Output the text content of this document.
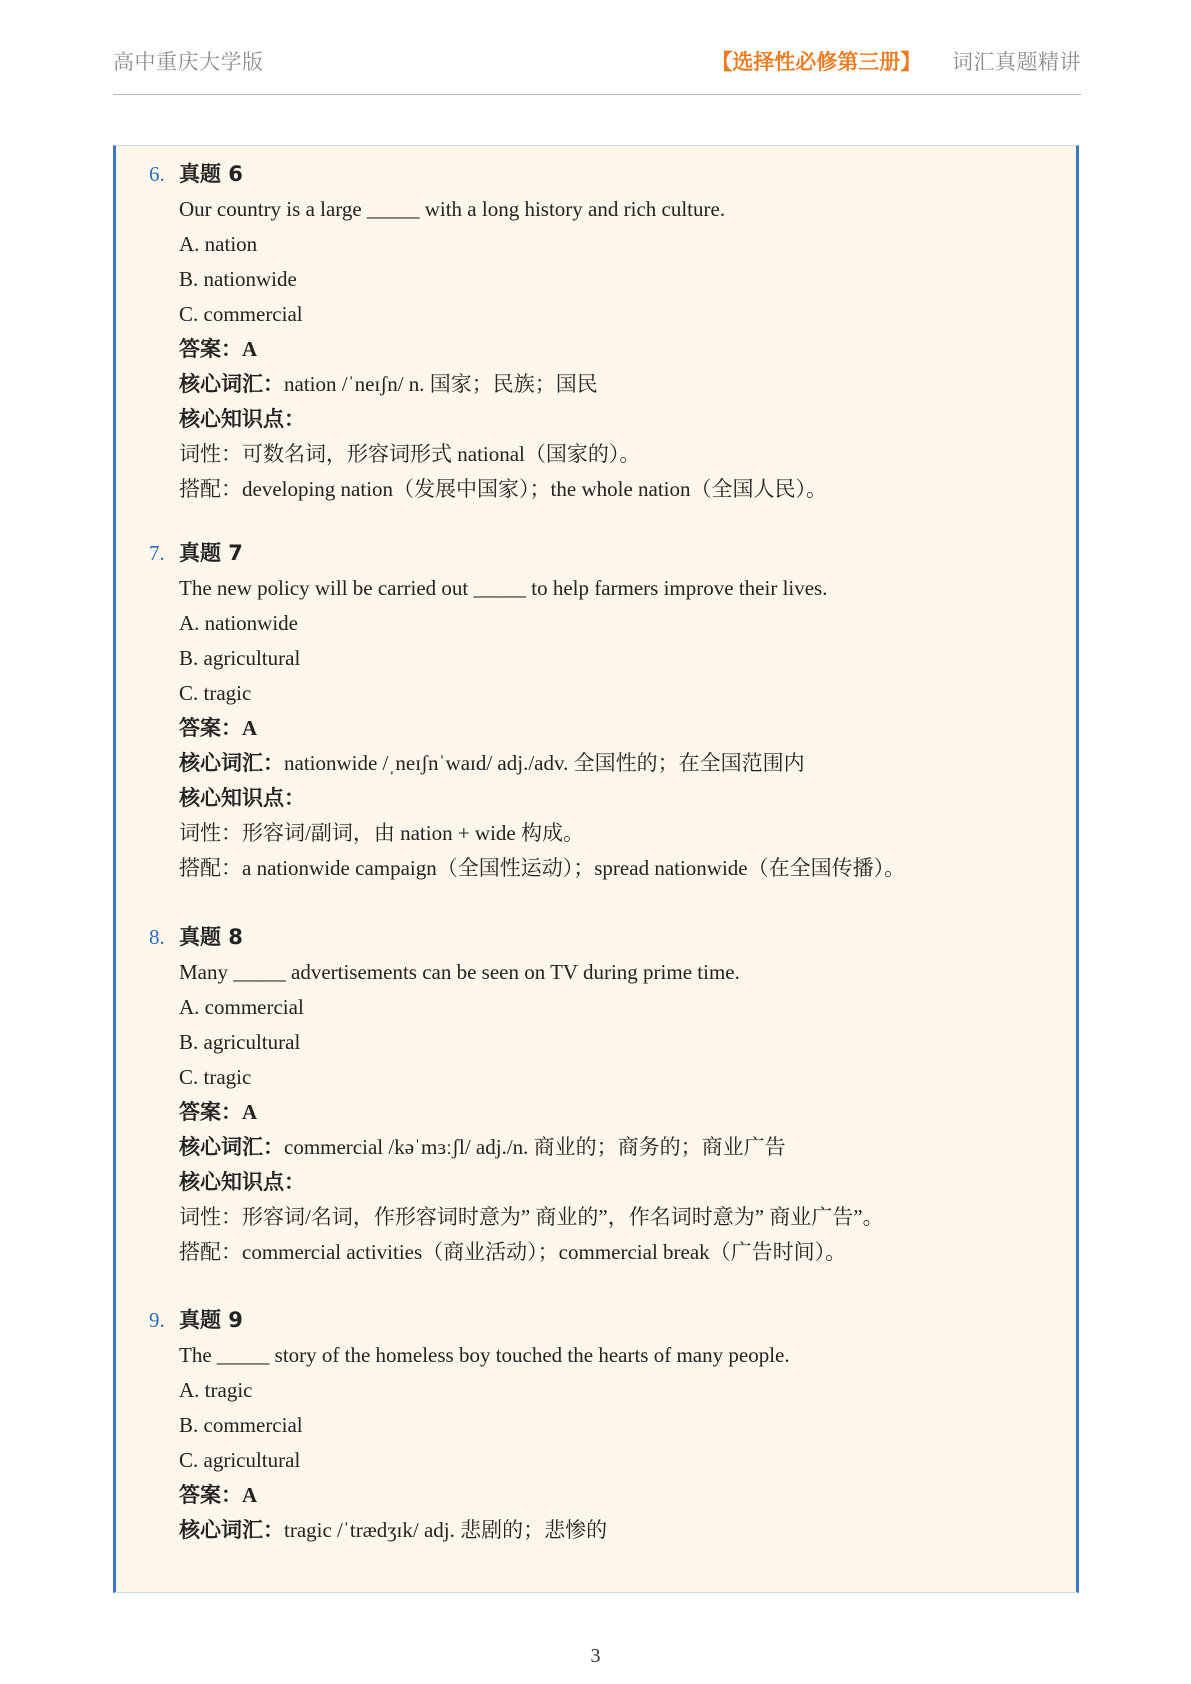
高中重庆大学版	【选择性必修第三册】 词汇真题精讲
6. 真题 6
Our country is a large _____ with a long history and rich culture.
A. nation
B. nationwide
C. commercial
答案：A
核心词汇：nation /ˈneɪʃn/ n. 国家；民族；国民
核心知识点：
词性：可数名词，形容词形式 national（国家的）。
搭配：developing nation（发展中国家）；the whole nation（全国人民）。
7. 真题 7
The new policy will be carried out _____ to help farmers improve their lives.
A. nationwide
B. agricultural
C. tragic
答案：A
核心词汇：nationwide /ˌneɪʃnˈwaɪd/ adj./adv. 全国性的；在全国范围内
核心知识点：
词性：形容词/副词，由 nation + wide 构成。
搭配：a nationwide campaign（全国性运动）；spread nationwide（在全国传播）。
8. 真题 8
Many _____ advertisements can be seen on TV during prime time.
A. commercial
B. agricultural
C. tragic
答案：A
核心词汇：commercial /kəˈmɜːʃl/ adj./n. 商业的；商务的；商业广告
核心知识点：
词性：形容词/名词，作形容词时意为” 商业的”，作名词时意为” 商业广告”。
搭配：commercial activities（商业活动）；commercial break（广告时间）。
9. 真题 9
The _____ story of the homeless boy touched the hearts of many people.
A. tragic
B. commercial
C. agricultural
答案：A
核心词汇：tragic /ˈtrædʒɪk/ adj. 悲剧的；悲惨的
3
